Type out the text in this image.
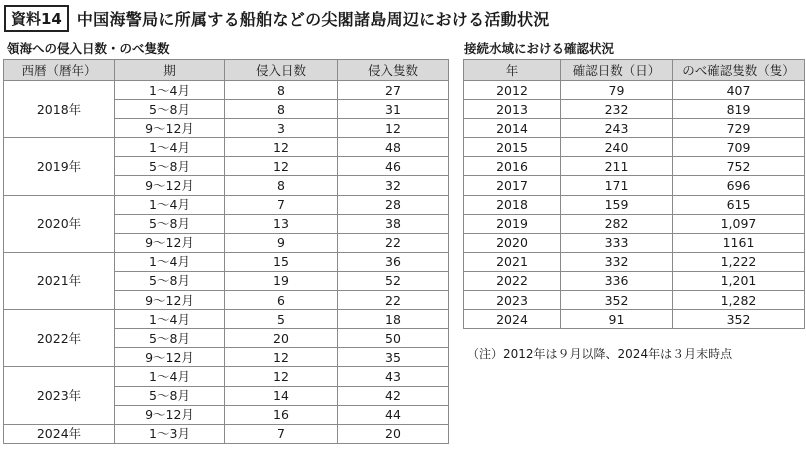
資料14 中国海警局に所属する船舶などの尖閣諸島周辺における活動状況
領海への侵入日数・のべ隻数	接続水域における確認状況
西暦（暦年）	期	侵入日数	侵入隻数
2018年	1～4月	8	27
	5～8月	8	31
	9～12月	3	12
2019年	1～4月	12	48
	5～8月	12	46
	9～12月	8	32
2020年	1～4月	7	28
	5～8月	13	38
	9～12月	9	22
2021年	1～4月	15	36
	5～8月	19	52
	9～12月	6	22
2022年	1～4月	5	18
	5～8月	20	50
	9～12月	12	35
2023年	1～4月	12	43
	5～8月	14	42
	9～12月	16	44
2024年	1～3月	7	20
年	確認日数（日）	のべ確認隻数（隻）
2012	79	407
2013	232	819
2014	243	729
2015	240	709
2016	211	752
2017	171	696
2018	159	615
2019	282	1,097
2020	333	1161
2021	332	1,222
2022	336	1,201
2023	352	1,282
2024	91	352
（注）2012年は９月以降、2024年は３月末時点
